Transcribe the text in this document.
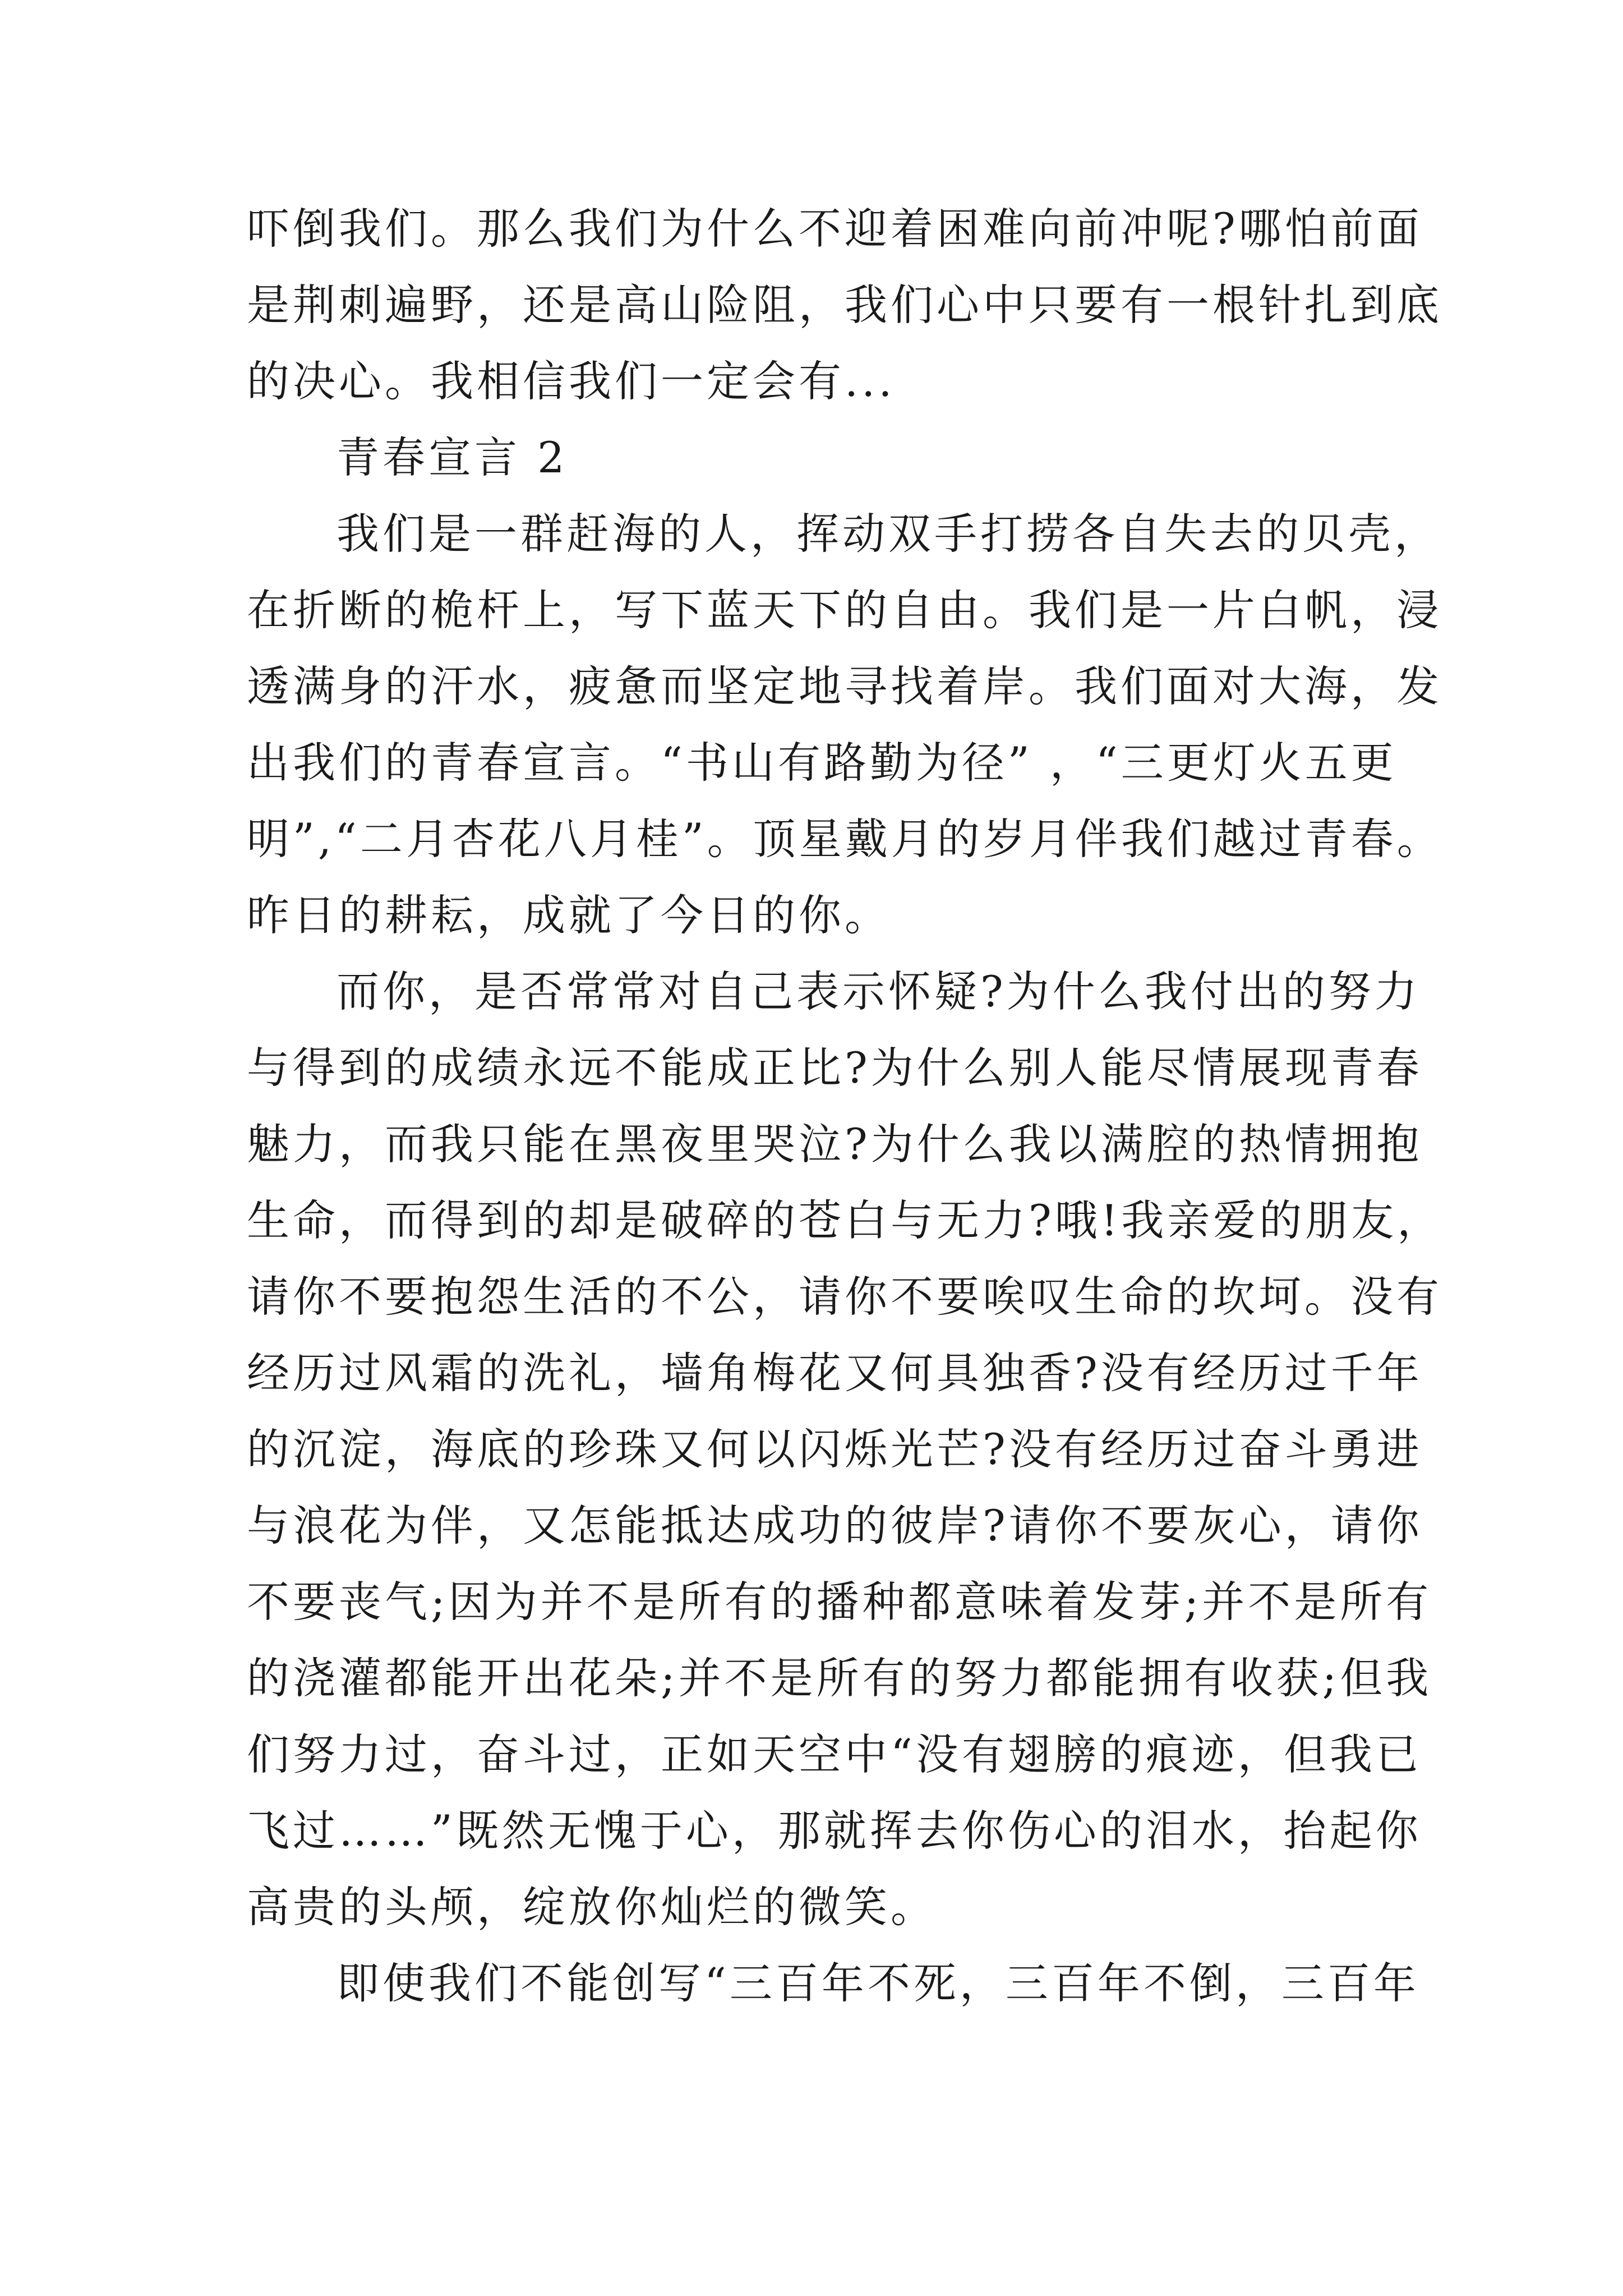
吓倒我们。那么我们为什么不迎着困难向前冲呢?哪怕前面
是荆刺遍野，还是高山险阻，我们心中只要有一根针扎到底
的决心。我相信我们一定会有...
青春宣言 2
我们是一群赶海的人，挥动双手打捞各自失去的贝壳，
在折断的桅杆上，写下蓝天下的自由。我们是一片白帆，浸
透满身的汗水，疲惫而坚定地寻找着岸。我们面对大海，发
出我们的青春宣言。“书山有路勤为径” ，“三更灯火五更
明”,“二月杏花八月桂”。顶星戴月的岁月伴我们越过青春。
昨日的耕耘，成就了今日的你。
而你，是否常常对自己表示怀疑?为什么我付出的努力
与得到的成绩永远不能成正比?为什么别人能尽情展现青春
魅力，而我只能在黑夜里哭泣?为什么我以满腔的热情拥抱
生命，而得到的却是破碎的苍白与无力?哦!我亲爱的朋友，
请你不要抱怨生活的不公，请你不要唉叹生命的坎坷。没有
经历过风霜的洗礼，墙角梅花又何具独香?没有经历过千年
的沉淀，海底的珍珠又何以闪烁光芒?没有经历过奋斗勇进
与浪花为伴，又怎能抵达成功的彼岸?请你不要灰心，请你
不要丧气;因为并不是所有的播种都意味着发芽;并不是所有
的浇灌都能开出花朵;并不是所有的努力都能拥有收获;但我
们努力过，奋斗过，正如天空中“没有翅膀的痕迹，但我已
飞过……”既然无愧于心，那就挥去你伤心的泪水，抬起你
高贵的头颅，绽放你灿烂的微笑。
即使我们不能创写“三百年不死，三百年不倒，三百年
